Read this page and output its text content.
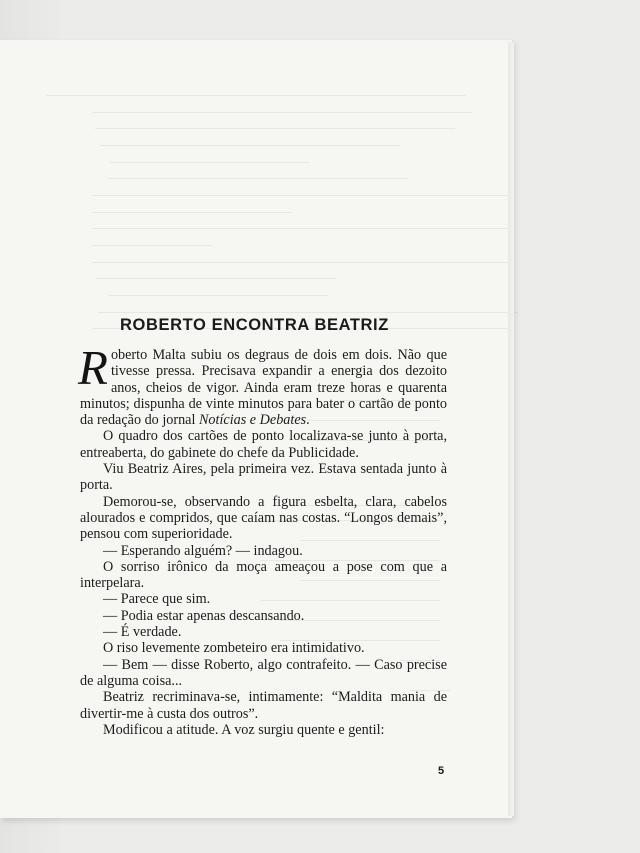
ROBERTO ENCONTRA BEATRIZ

Roberto Malta subiu os degraus de dois em dois. Não que tivesse pressa. Precisava expandir a energia dos dezoito anos, cheios de vigor. Ainda eram treze horas e quarenta minutos; dispunha de vinte minutos para bater o cartão de ponto da redação do jornal Notícias e Debates.

O quadro dos cartões de ponto localizava-se junto à porta, entreaberta, do gabinete do chefe da Publicidade.

Viu Beatriz Aires, pela primeira vez. Estava sentada junto à porta.

Demorou-se, observando a figura esbelta, clara, cabelos alourados e compridos, que caíam nas costas. “Longos demais”, pensou com superioridade.

— Esperando alguém? — indagou.

O sorriso irônico da moça ameaçou a pose com que a interpelara.

— Parece que sim.

— Podia estar apenas descansando.

— É verdade.

O riso levemente zombeteiro era intimidativo.

— Bem — disse Roberto, algo contrafeito. — Caso precise de alguma coisa...

Beatriz recriminava-se, intimamente: “Maldita mania de divertir-me à custa dos outros”.

Modificou a atitude. A voz surgiu quente e gentil:

5
